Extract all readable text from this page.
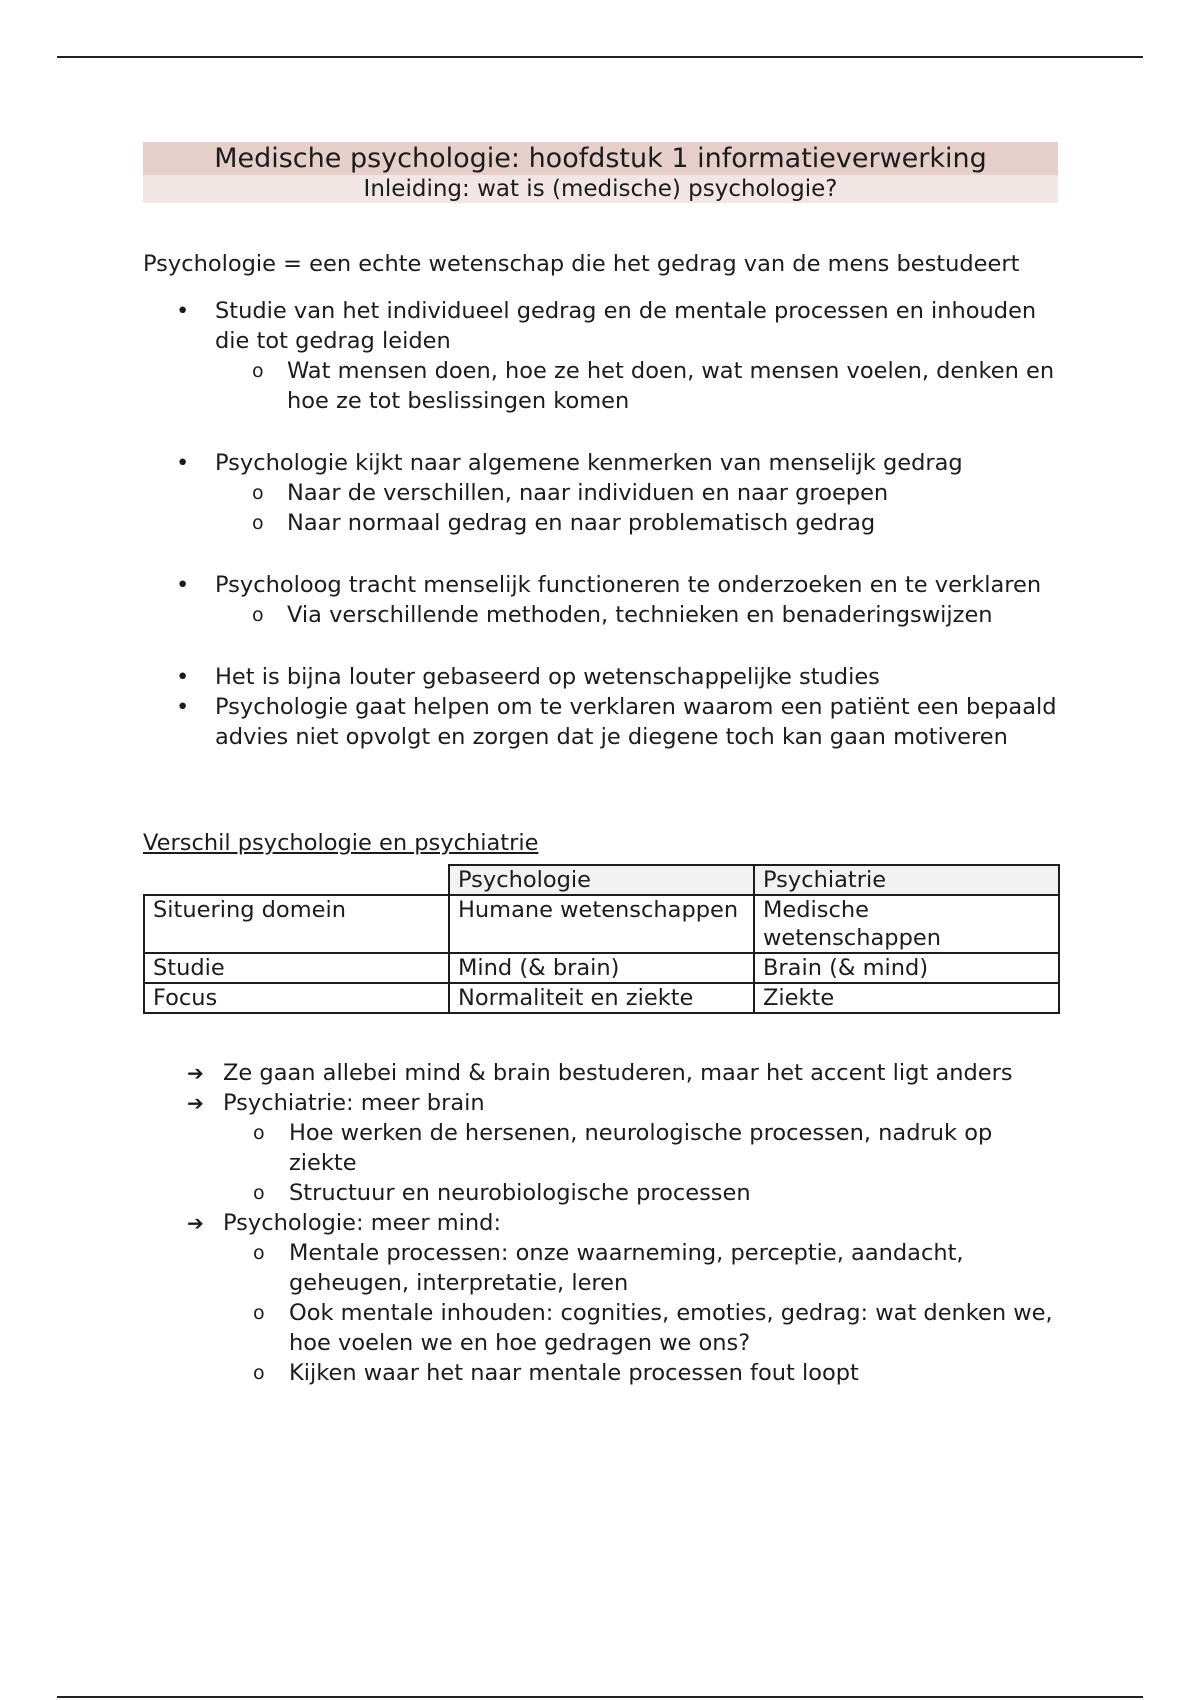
Medische psychologie: hoofdstuk 1 informatieverwerking
Inleiding: wat is (medische) psychologie?

Psychologie = een echte wetenschap die het gedrag van de mens bestudeert

• Studie van het individueel gedrag en de mentale processen en inhouden die tot gedrag leiden
o Wat mensen doen, hoe ze het doen, wat mensen voelen, denken en hoe ze tot beslissingen komen
• Psychologie kijkt naar algemene kenmerken van menselijk gedrag
o Naar de verschillen, naar individuen en naar groepen
o Naar normaal gedrag en naar problematisch gedrag
• Psycholoog tracht menselijk functioneren te onderzoeken en te verklaren
o Via verschillende methoden, technieken en benaderingswijzen
• Het is bijna louter gebaseerd op wetenschappelijke studies
• Psychologie gaat helpen om te verklaren waarom een patiënt een bepaald advies niet opvolgt en zorgen dat je diegene toch kan gaan motiveren

Verschil psychologie en psychiatrie

	Psychologie	Psychiatrie
Situering domein	Humane wetenschappen	Medische wetenschappen
Studie	Mind (& brain)	Brain (& mind)
Focus	Normaliteit en ziekte	Ziekte
➔ Ze gaan allebei mind & brain bestuderen, maar het accent ligt anders
➔ Psychiatrie: meer brain
o Hoe werken de hersenen, neurologische processen, nadruk op ziekte
o Structuur en neurobiologische processen
➔ Psychologie: meer mind:
o Mentale processen: onze waarneming, perceptie, aandacht, geheugen, interpretatie, leren
o Ook mentale inhouden: cognities, emoties, gedrag: wat denken we, hoe voelen we en hoe gedragen we ons?
o Kijken waar het naar mentale processen fout loopt
